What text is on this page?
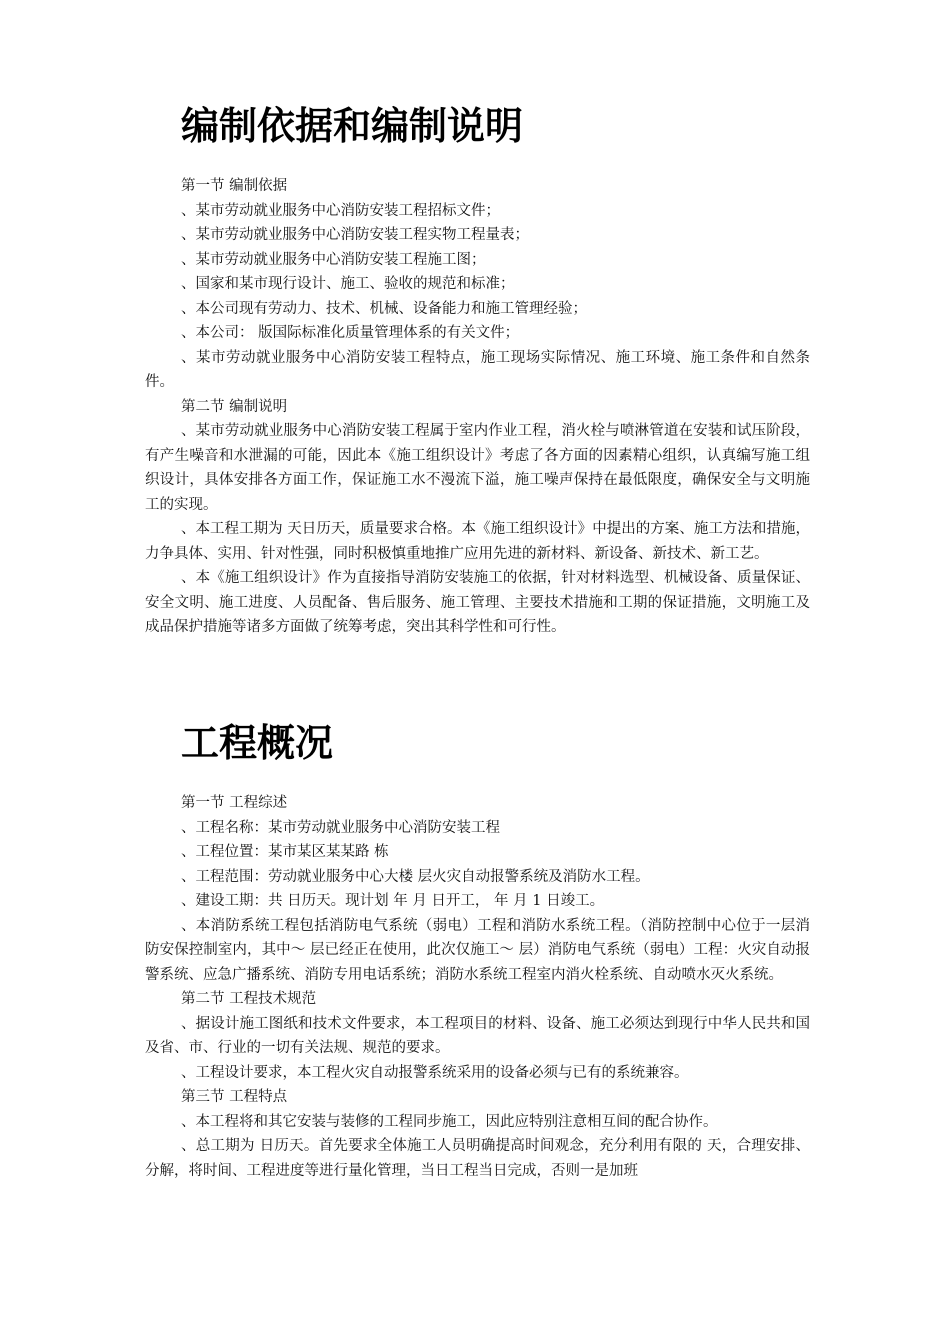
编制依据和编制说明

第一节 编制依据

、某市劳动就业服务中心消防安装工程招标文件；

、某市劳动就业服务中心消防安装工程实物工程量表；

、某市劳动就业服务中心消防安装工程施工图；

、国家和某市现行设计、施工、验收的规范和标准；

、本公司现有劳动力、技术、机械、设备能力和施工管理经验；

、本公司： 版国际标准化质量管理体系的有关文件；

、某市劳动就业服务中心消防安装工程特点，施工现场实际情况、施工环境、施工条件和自然条件。

第二节 编制说明

、某市劳动就业服务中心消防安装工程属于室内作业工程，消火栓与喷淋管道在安装和试压阶段，有产生噪音和水泄漏的可能，因此本《施工组织设计》考虑了各方面的因素精心组织，认真编写施工组织设计，具体安排各方面工作，保证施工水不漫流下溢，施工噪声保持在最低限度，确保安全与文明施工的实现。

、本工程工期为 天日历天，质量要求合格。本《施工组织设计》中提出的方案、施工方法和措施，力争具体、实用、针对性强，同时积极慎重地推广应用先进的新材料、新设备、新技术、新工艺。

、本《施工组织设计》作为直接指导消防安装施工的依据，针对材料选型、机械设备、质量保证、安全文明、施工进度、人员配备、售后服务、施工管理、主要技术措施和工期的保证措施，文明施工及成品保护措施等诸多方面做了统筹考虑，突出其科学性和可行性。

工程概况

第一节 工程综述

、工程名称：某市劳动就业服务中心消防安装工程

、工程位置：某市某区某某路 栋

、工程范围：劳动就业服务中心大楼 层火灾自动报警系统及消防水工程。

、建设工期：共 日历天。现计划 年 月 日开工， 年 月 1 日竣工。

、本消防系统工程包括消防电气系统（弱电）工程和消防水系统工程。（消防控制中心位于一层消防安保控制室内，其中～ 层已经正在使用，此次仅施工～ 层）消防电气系统（弱电）工程：火灾自动报警系统、应急广播系统、消防专用电话系统；消防水系统工程室内消火栓系统、自动喷水灭火系统。

第二节 工程技术规范

、据设计施工图纸和技术文件要求，本工程项目的材料、设备、施工必须达到现行中华人民共和国及省、市、行业的一切有关法规、规范的要求。

、工程设计要求，本工程火灾自动报警系统采用的设备必须与已有的系统兼容。

第三节 工程特点

、本工程将和其它安装与装修的工程同步施工，因此应特别注意相互间的配合协作。

、总工期为 日历天。首先要求全体施工人员明确提高时间观念，充分利用有限的 天，合理安排、分解，将时间、工程进度等进行量化管理，当日工程当日完成，否则一是加班
